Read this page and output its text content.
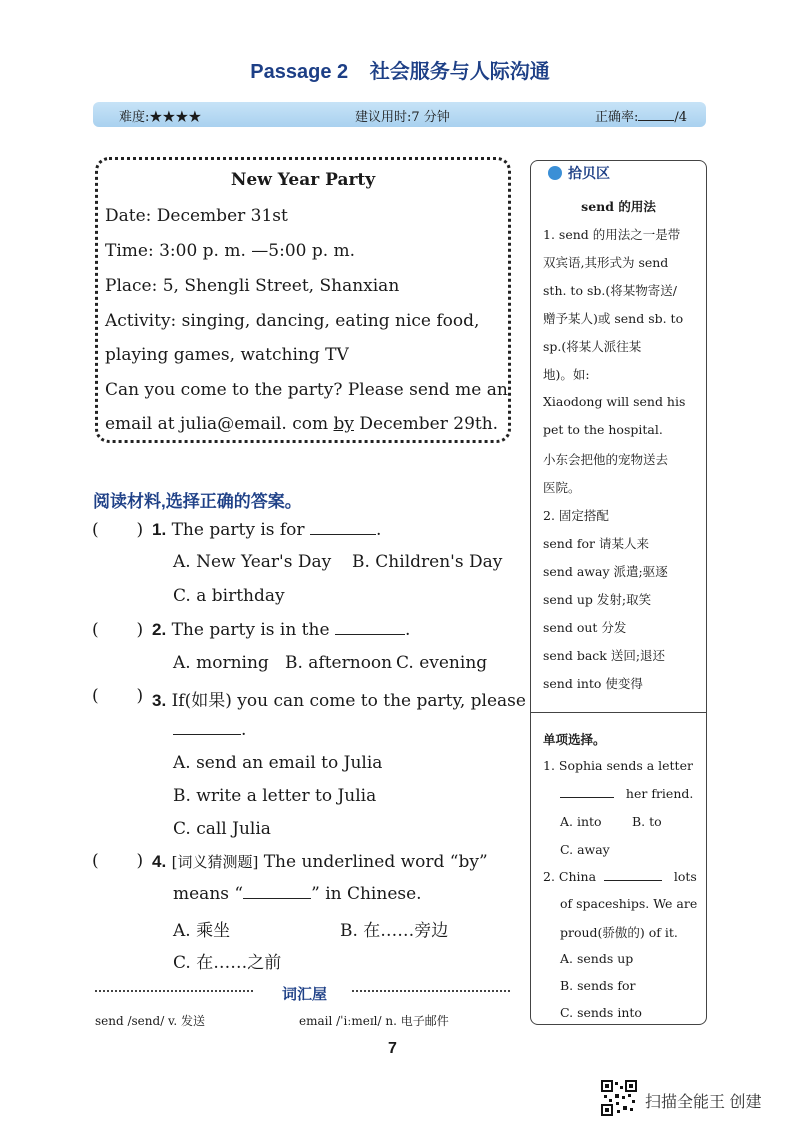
Passage 2 社会服务与人际沟通
难度:★★★★	建议用时:7 分钟	正确率:	/4
New Year Party
Date: December 31st
Time: 3:00 p. m. —5:00 p. m.
Place: 5, Shengli Street, Shanxian
Activity: singing, dancing, eating nice food,
playing games, watching TV
Can you come to the party? Please send me an
email at julia@email. com by December 29th.
阅读材料,选择正确的答案。
(       ) 1. The party is for	.
A. New Year's Day B. Children's Day
C. a birthday
(       ) 2. The party is in the	.
A. morning B. afternoon C. evening
(       ) 3. If(如果) you can come to the party, please
.
A. send an email to Julia
B. write a letter to Julia
C. call Julia
(       ) 4. [词义猜测题] The underlined word “by”
means “	” in Chinese.
A. 乘坐	B. 在……旁边
C. 在……之前
词汇屋
send /send/ v. 发送	email /ˈiːmeɪl/ n. 电子邮件
7
拾贝区
send 的用法
1. send 的用法之一是带
双宾语,其形式为 send
sth. to sb.(将某物寄送/
赠予某人)或 send sb. to
sp.(将某人派往某
地)。如:
Xiaodong will send his
pet to the hospital.
小东会把他的宠物送去
医院。
2. 固定搭配
send for 请某人来
send away 派遣;驱逐
send up 发射;取笑
send out 分发
send back 送回;退还
send into 使变得
单项选择。
1. Sophia sends a letter
her friend.
A. into B. to
C. away
2. China	lots
of spaceships. We are
proud(骄傲的) of it.
A. sends up
B. sends for
C. sends into
扫描全能王 创建
